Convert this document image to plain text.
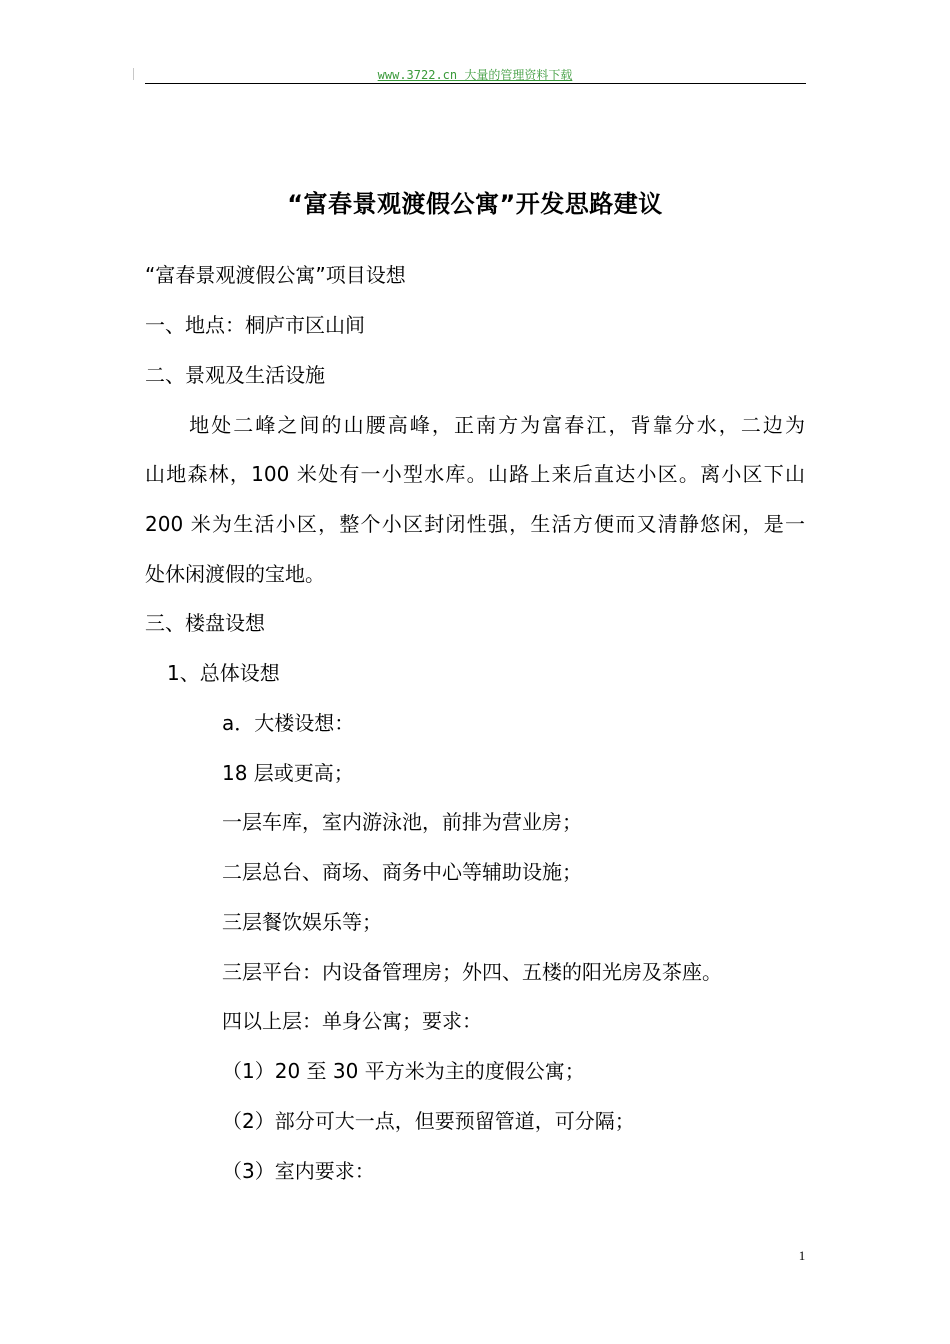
www.3722.cn 大量的管理资料下载
“富春景观渡假公寓”开发思路建议
“富春景观渡假公寓”项目设想
一、地点：桐庐市区山间
二、景观及生活设施
　　地处二峰之间的山腰高峰，正南方为富春江，背靠分水，二边为
山地森林，100 米处有一小型水库。山路上来后直达小区。离小区下山
200 米为生活小区，整个小区封闭性强，生活方便而又清静悠闲，是一
处休闲渡假的宝地。
三、楼盘设想
1、总体设想
a．大楼设想：
18 层或更高；
一层车库，室内游泳池，前排为营业房；
二层总台、商场、商务中心等辅助设施；
三层餐饮娱乐等；
三层平台：内设备管理房；外四、五楼的阳光房及茶座。
四以上层：单身公寓；要求：
（1）20 至 30 平方米为主的度假公寓；
（2）部分可大一点，但要预留管道，可分隔；
（3）室内要求：
1
